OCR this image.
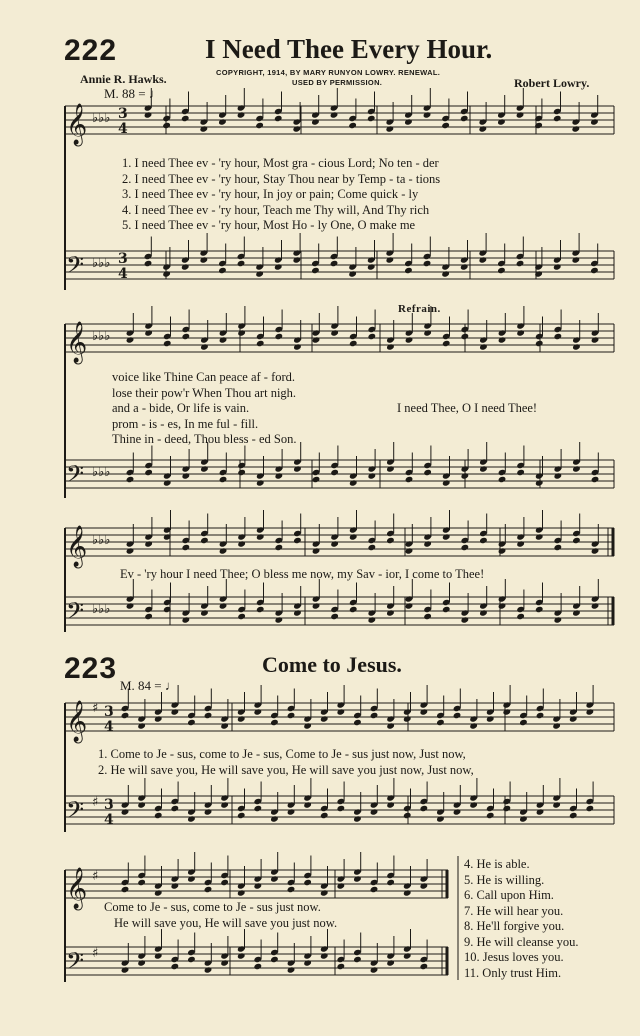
𝄞
𝄢
𝄞
𝄢
𝄞
𝄢
𝄞
𝄢
𝄞
𝄢
♭♭♭
♭♭♭
♭♭♭
♭♭♭
♭♭♭
♭♭♭
♯
♯
♯
♯
3
4
3
4
3
4
3
4
222	I Need Thee Every Hour.
COPYRIGHT, 1914, BY MARY RUNYON LOWRY. RENEWAL.
USED BY PERMISSION.
Annie R. Hawks.	Robert Lowry.
M. 88 = ♩
1. I need Thee ev - 'ry hour, Most gra - cious Lord; No ten - der
2. I need Thee ev - 'ry hour, Stay Thou near by Temp - ta - tions
3. I need Thee ev - 'ry hour, In joy or pain; Come quick - ly
4. I need Thee ev - 'ry hour, Teach me Thy will, And Thy rich
5. I need Thee ev - 'ry hour, Most Ho - ly One, O make me
Refrain.
voice like Thine Can peace af - ford.
lose their pow'r When Thou art nigh.
and a - bide, Or life is vain.
prom - is - es, In me ful - fill.
Thine in - deed, Thou bless - ed Son.
I need Thee, O I need Thee!
Ev - 'ry hour I need Thee; O bless me now, my Sav - ior, I come to Thee!
223	Come to Jesus.
M. 84 = ♩
1. Come to Je - sus, come to Je - sus, Come to Je - sus just now, Just now,
2. He will save you, He will save you, He will save you just now, Just now,
Come to Je - sus, come to Je - sus just now.
He will save you, He will save you just now.
4. He is able.
5. He is willing.
6. Call upon Him.
7. He will hear you.
8. He'll forgive you.
9. He will cleanse you.
10. Jesus loves you.
11. Only trust Him.
